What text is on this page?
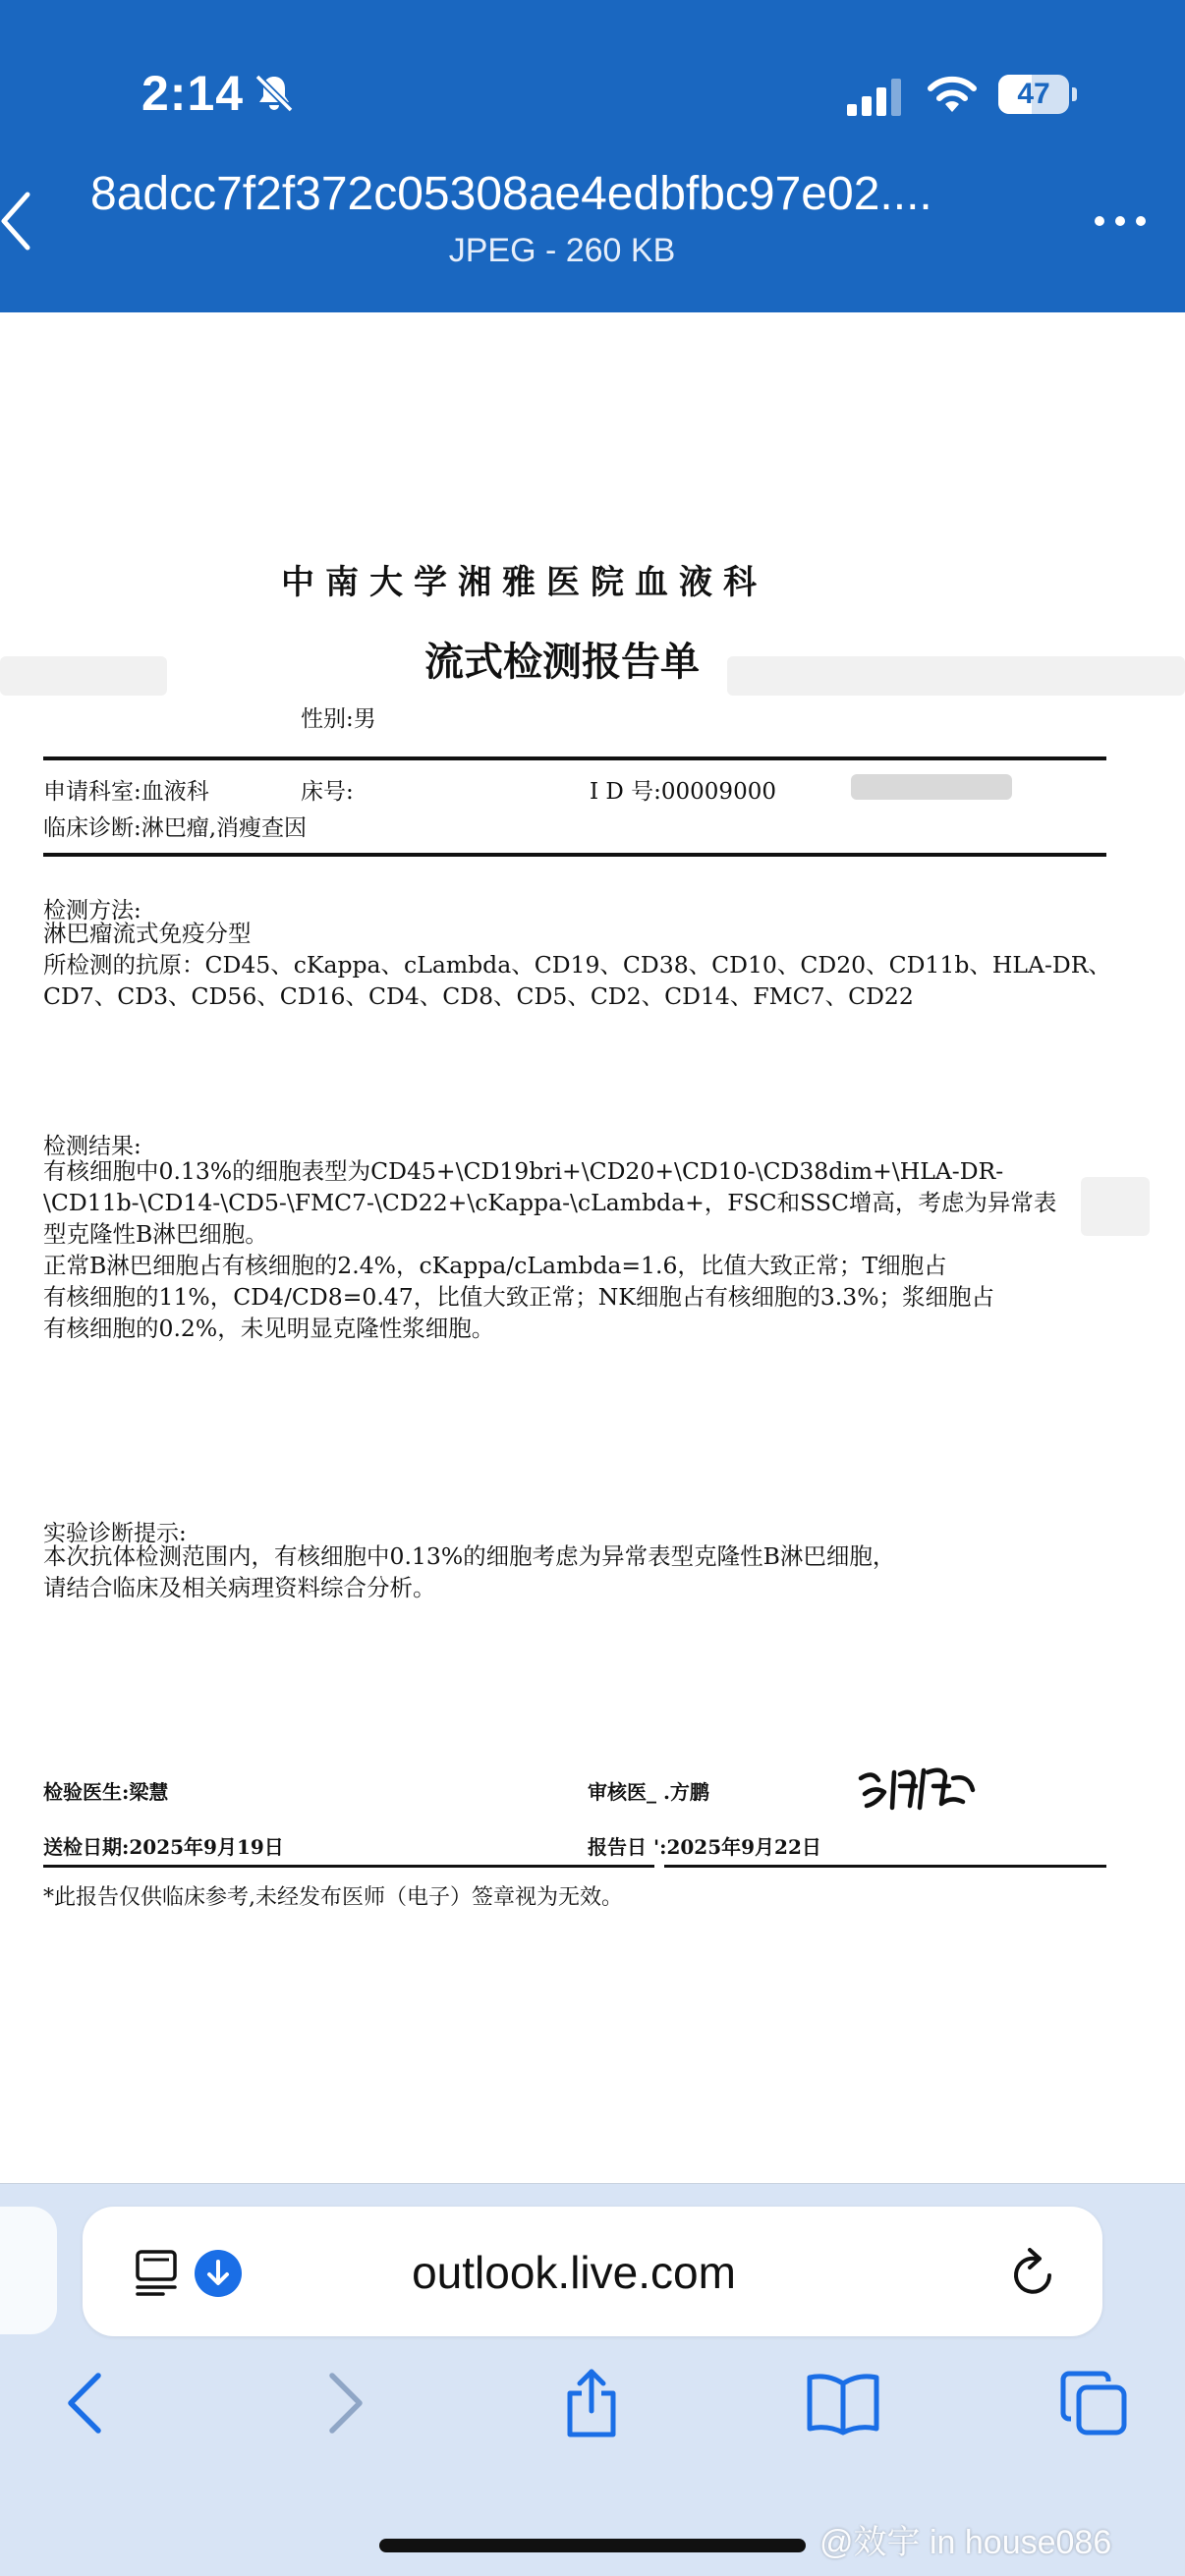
2:14	47
8adcc7f2f372c05308ae4edbfbc97e02....
JPEG - 260 KB
中南大学湘雅医院血液科
流式检测报告单
性别:男
申请科室:血液科	床号:	I D 号:00009000
临床诊断:淋巴瘤,消瘦查因
检测方法:
淋巴瘤流式免疫分型
所检测的抗原：CD45、cKappa、cLambda、CD19、CD38、CD10、CD20、CD11b、HLA-DR、
CD7、CD3、CD56、CD16、CD4、CD8、CD5、CD2、CD14、FMC7、CD22
检测结果:
有核细胞中0.13%的细胞表型为CD45+\CD19bri+\CD20+\CD10-\CD38dim+\HLA-DR-
\CD11b-\CD14-\CD5-\FMC7-\CD22+\cKappa-\cLambda+，FSC和SSC增高，考虑为异常表
型克隆性B淋巴细胞。
正常B淋巴细胞占有核细胞的2.4%，cKappa/cLambda=1.6，比值大致正常；T细胞占
有核细胞的11%，CD4/CD8=0.47，比值大致正常；NK细胞占有核细胞的3.3%；浆细胞占
有核细胞的0.2%，未见明显克隆性浆细胞。
实验诊断提示:
本次抗体检测范围内，有核细胞中0.13%的细胞考虑为异常表型克隆性B淋巴细胞，
请结合临床及相关病理资料综合分析。
检验医生:梁慧	审核医_ .方鹏
送检日期:2025年9月19日	报告日 ':2025年9月22日
*此报告仅供临床参考,未经发布医师（电子）签章视为无效。
outlook.live.com
@效宇 in house086
